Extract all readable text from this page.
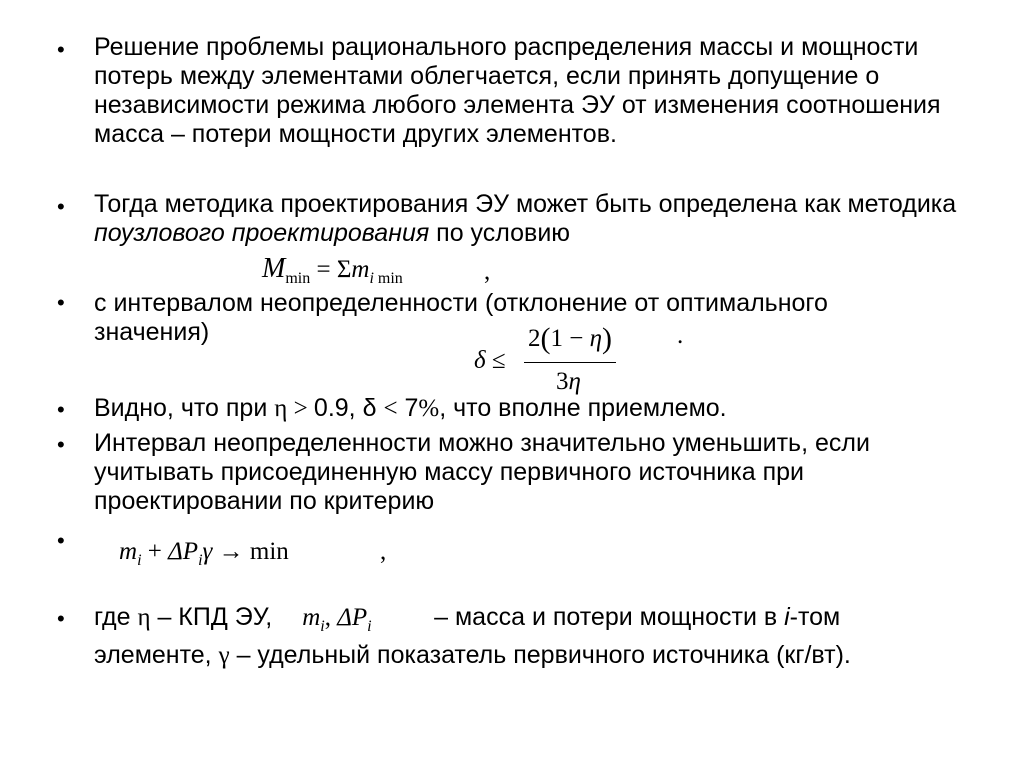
•
•
•
•
•
•
•
Решение проблемы рационального распределения массы и мощности потерь между элементами облегчается, если принять допущение о независимости режима любого элемента ЭУ от изменения соотношения масса – потери мощности других элементов.
Тогда методика проектирования ЭУ может быть определена как методика поузлового проектирования по условию
$M_{min} = \Sigma m_i$ $_{min}$	,
с интервалом неопределенности (отклонение от оптимального значения)	.
δ ≤
2(1 − η)
3η
Видно, что при η > 0.9, δ < 7%, что вполне приемлемо.
Интервал неопределенности можно значительно уменьшить, если учитывать присоединенную массу первичного источника при проектировании по критерию
$m_i + \Delta P_i\gamma \to \min$	,
где η – КПД ЭУ, $m_i$, $\Delta P_i$ – масса и потери мощности в i-том элементе, γ – удельный показатель первичного источника (кг/вт).
